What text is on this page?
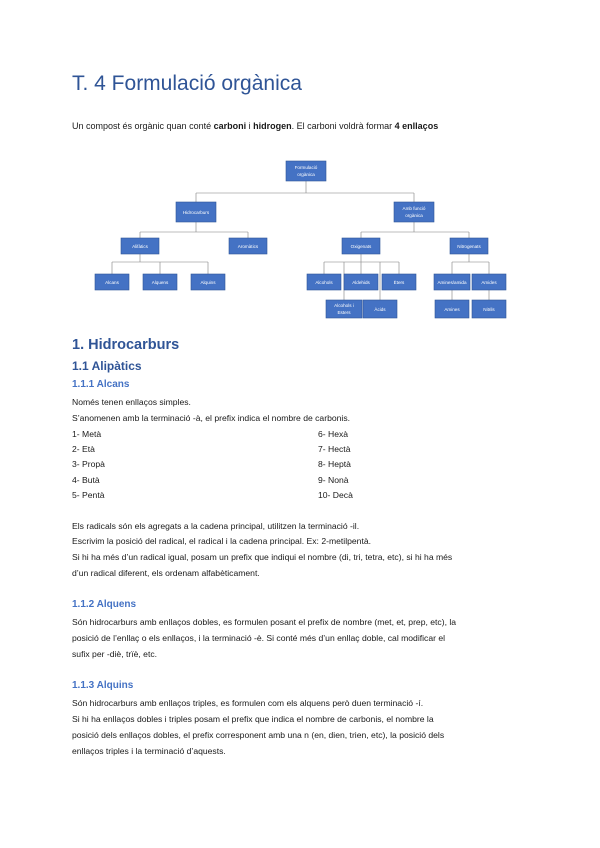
T. 4 Formulació orgànica

Un compost és orgànic quan conté carboni i hidrogen. El carboni voldrà formar 4 enllaços

Formulació
orgànica
Hidrocarburs
Amb funció
orgànica
Alifàtics	Aromàtics	Oxigenats	Nitrogenats
Alcans	Alquens	Alquins	Alcohols	Aldehids	Èters
Alcohols i
Esters
Àcids
Amines/amida	Amides
Amines	Nitrils
1. Hidrocarburs
1.1 Alipàtics
1.1.1 Alcans

Només tenen enllaços simples.

S’anomenen amb la terminació -à, el prefix indica el nombre de carbonis.

1- Metà

2- Età

3- Propà

4- Butà

5- Pentà

6- Hexà

7- Hectà

8- Heptà

9- Nonà

10- Decà

Els radicals són els agregats a la cadena principal, utilitzen la terminació -il.

Escrivim la posició del radical, el radical i la cadena principal. Ex: 2-metilpentà.

Si hi ha més d’un radical igual, posam un prefix que indiqui el nombre (di, tri, tetra, etc), si hi ha més

d’un radical diferent, els ordenam alfabèticament.

1.1.2 Alquens

Són hidrocarburs amb enllaços dobles, es formulen posant el prefix de nombre (met, et, prep, etc), la

posició de l’enllaç o els enllaços, i la terminació -è. Si conté més d’un enllaç doble, cal modificar el

sufix per -diè, trïè, etc.

1.1.3 Alquins

Són hidrocarburs amb enllaços triples, es formulen com els alquens però duen terminació -í.

Si hi ha enllaços dobles i triples posam el prefix que indica el nombre de carbonis, el nombre la

posició dels enllaços dobles, el prefix corresponent amb una n (en, dien, trien, etc), la posició dels

enllaços triples i la terminació d’aquests.
